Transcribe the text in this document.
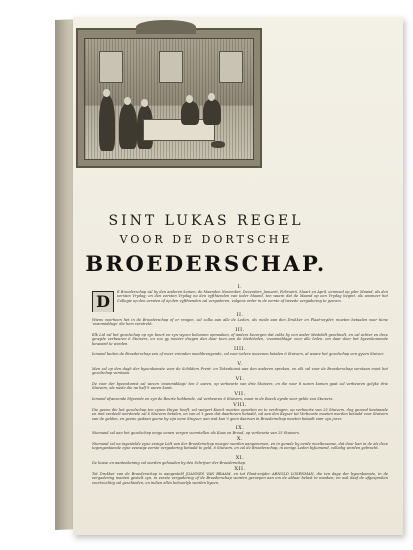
SINT LUKAS REGEL
VOOR DE DORTSCHE
BROEDERSCHAP.
I.
D	E Broederschap zal by den anderen komen, de Maanden November, December, Januarii, Februarii, Maart en April, eenmaal op yder Maand, als den eersten Vrydag; en den eersten Vrydag na den vyfthienden van ieder Maand, ten waare dat de Maand op een Vrydag begint, als wanneer het Collegie op den eersten of op den vyfthienden zal vergaderen, volgens order in de eerste of tweede vergadering te geeven.
II.
Wiens voorheen het in de Broederschap of er vragen, zal zulks aan alle de Leden, als mede aan den Drukker en Plaat-snyder, moeten betaalen voor tiene 'ovanmiddags' die hem verstrekt.
III.
Elk Lid zal het gezelschap op zyn beurt en zyn wyzen beloonen opmaaken, of anders bezorgen dat zulks by een ander Medelidt geschiedt, en zal achter en deze gewyde verbeuren 6 Stuivers, en zoo gy meeter dragen dan daar toen aan de Medeleden, 'ovanmiddags' voor alle leden, om daar door het byeenkomende bewaard te worden.
IIII.
Iemand buiten de Broederschap een of meer vrienden meebbrengende, zal voor iedere meeenen betalen 6 Stuivers, al waare het gezelschap een gyven Stuiver.
V.
Men zal op den dagh der byeenkomste voor de Schilders Prent- en Tekenkunst aan den anderen spreken, en elk zal voor de Broederschap verstaan moet het gezelschap verstaan.
VI.
De voor der byeenkomst zal wezen 'ovanmiddags' ten 5 uuren, op verbeurte van drie Stuivers, en die voor 8 uuren komen gaat zal verbeuren gelyke drie Stuivers, als mede die na half 9 uuren komt.
VII.
Iemand afwezende blyvende en zyn de Beurte hebbende, zal verbeuren 6 Stuivers, maar in de Boeck eynde voor gelde van Stuivers.
VIII.
Die geene die het gezelschap ten zynen Huyse heeft, zal weigert Koeck moeten opzetten en te verdragen, op verbeurte van 25 Stuivers, dog gezond bestaande en niet verdeelt werdende zal 6 Stuivers betalen, en van al 't geen dat daarboven betaald, zal aan den Keyser tot Verbeurte moeten worden betaald voor Stuivers van de gelden, en geene gedaan geene by zijn eene Stuyver, aan wat kan 't geen daarvan in Broederschap moeten betaalt vanr zyn jurer.
IX.
Niemand zal aan het gezelschap enige eenen vergen voorstellen als Kaas en Brood, op verbeurte van 25 Stuivers.
X.
Niemand zal na ingestelde eyne eenige Lidt van der Broederschap moeger worden aangenomen, en in gerade by eerde meeltezaame, dat door kan in de als deze tegengestaende zyne eeuwige eerste vergadering betaald te geld, 6 Stuivers, en zal de Broederschap, in eenige Leden bykomend, volledig worden gebracht.
XI.
De kosse en aanteekening zal worden gehouden by den Schrijver der Broederschap.
XII.
Tot Drukker van de Broederschap is aangesteld JOANNES VAN BRAAM, en tot Plaat-snijder ARNOLD LOSENMAN, die ten dage der byeenkomste, in de vergadering moeten gestelt zyn, in eerste vergadering of de Broederschap worden geroepen aan om de aldaar belast te maaken, en ook daaf de afgesproken voortzuchtig zal geschieden, en indien alles behoorlyk worden byeen.
